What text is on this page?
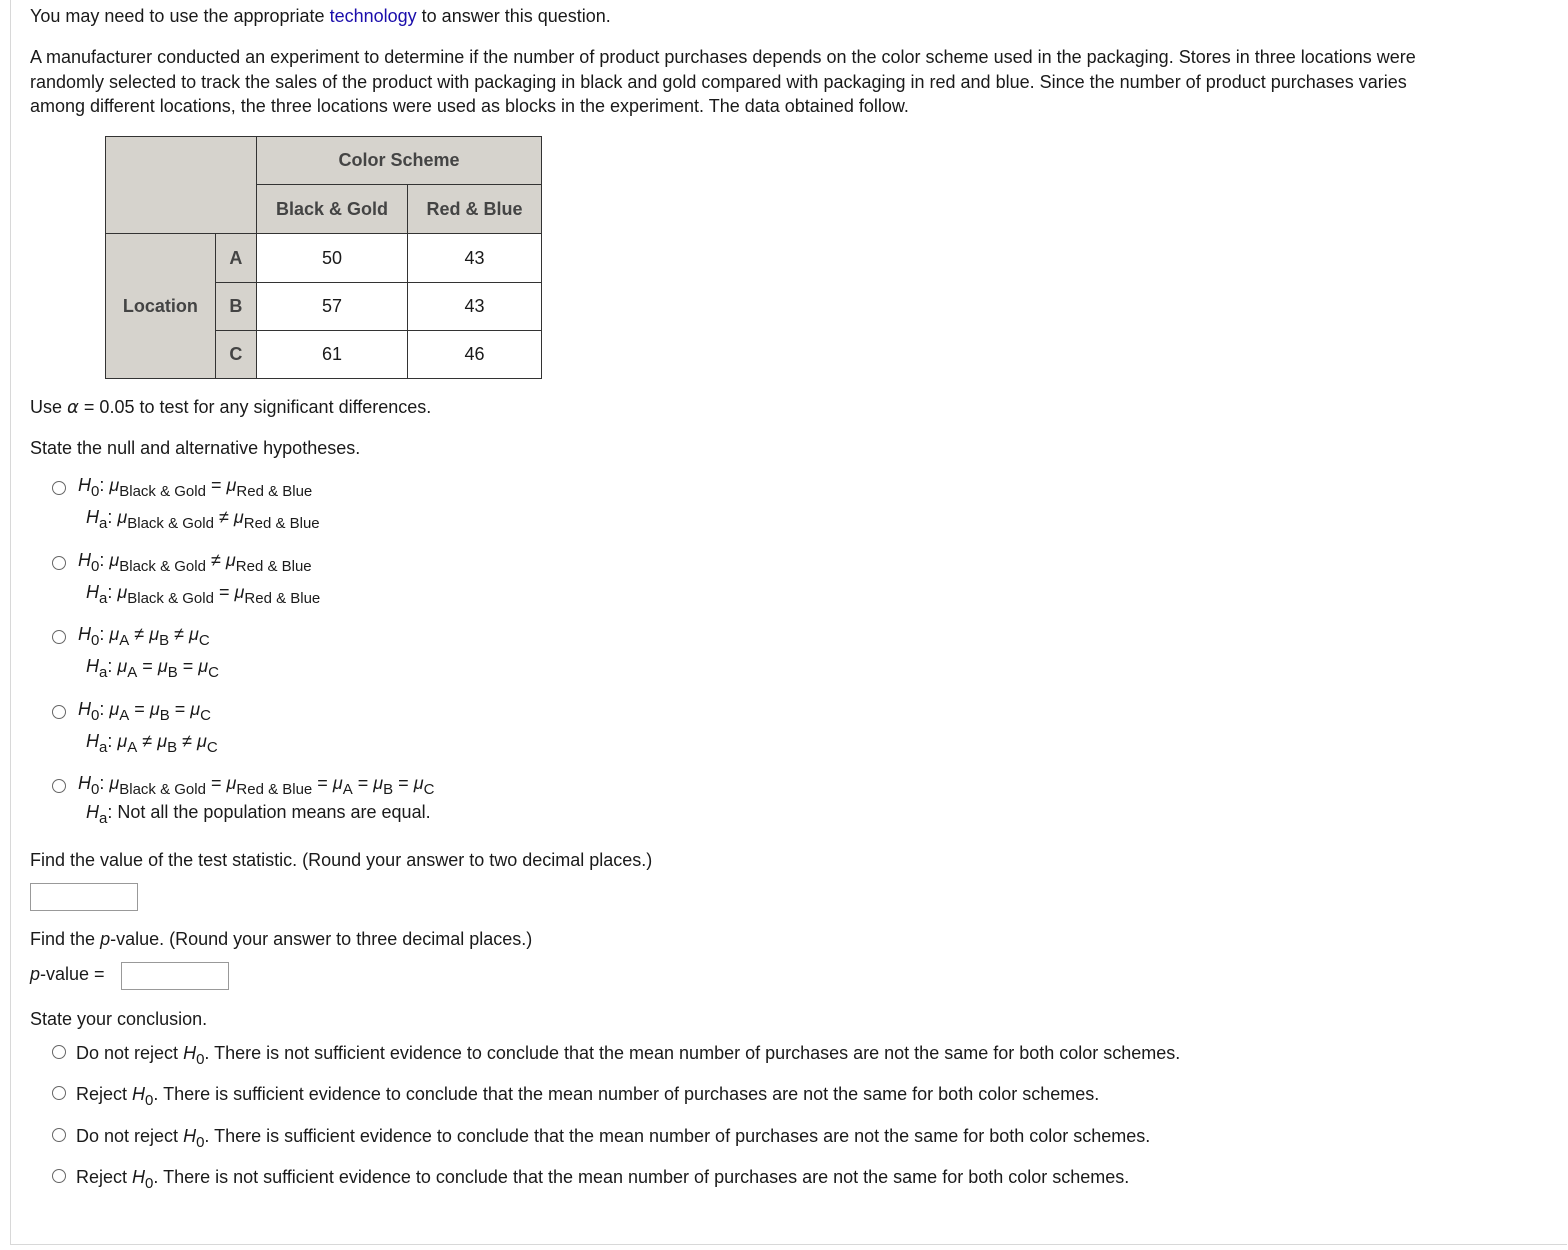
You may need to use the appropriate technology to answer this question.

A manufacturer conducted an experiment to determine if the number of product purchases depends on the color scheme used in the packaging. Stores in three locations were

randomly selected to track the sales of the product with packaging in black and gold compared with packaging in red and blue. Since the number of product purchases varies

among different locations, the three locations were used as blocks in the experiment. The data obtained follow.

		Color Scheme	
		Black & Gold	Red & Blue
Location	A	50	43
	B	57	43
	C	61	46
Use α = 0.05 to test for any significant differences.
State the null and alternative hypotheses.
$H_0$: $\mu_{Black \& Gold} = \mu_{Red \& Blue}$
$H_a$: $\mu_{Black \& Gold} \ne \mu_{Red \& Blue}$
$H_0$: $\mu_{Black \& Gold} \ne \mu_{Red \& Blue}$
$H_a$: $\mu_{Black \& Gold} = \mu_{Red \& Blue}$
$H_0$: $\mu_A \ne \mu_B \ne \mu_C$
$H_a$: $\mu_A = \mu_B = \mu_C$
$H_0$: $\mu_A = \mu_B = \mu_C$
$H_a$: $\mu_A \ne \mu_B \ne \mu_C$
$H_0$: $\mu_{Black \& Gold} = \mu_{Red \& Blue} = \mu_A = \mu_B = \mu_C$
$H_a$: Not all the population means are equal.
Find the value of the test statistic. (Round your answer to two decimal places.)
Find the p-value. (Round your answer to three decimal places.)
p-value =
State your conclusion.
Do not reject $H_0$. There is not sufficient evidence to conclude that the mean number of purchases are not the same for both color schemes.
Reject $H_0$. There is sufficient evidence to conclude that the mean number of purchases are not the same for both color schemes.
Do not reject $H_0$. There is sufficient evidence to conclude that the mean number of purchases are not the same for both color schemes.
Reject $H_0$. There is not sufficient evidence to conclude that the mean number of purchases are not the same for both color schemes.
